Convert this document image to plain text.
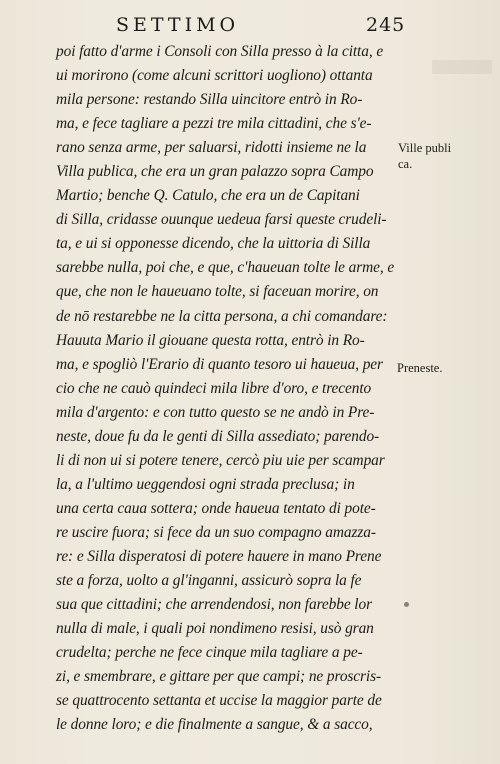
SETTIMO	245
poi fatto d'arme i Consoli con Silla presso à la citta, e
ui morirono (come alcuni scrittori uogliono) ottanta
mila persone: restando Silla uincitore entrò in Ro-
ma, e fece tagliare a pezzi tre mila cittadini, che s'e-
rano senza arme, per saluarsi, ridotti insieme ne la
Villa publica, che era un gran palazzo sopra Campo
Martio; benche Q. Catulo, che era un de Capitani
di Silla, cridasse ouunque uedeua farsi queste crudeli-
ta, e ui si opponesse dicendo, che la uittoria di Silla
sarebbe nulla, poi che, e que, c'haueuan tolte le arme, e
que, che non le haueuano tolte, si faceuan morire, on
de nō restarebbe ne la citta persona, a chi comandare:
Hauuta Mario il giouane questa rotta, entrò in Ro-
ma, e spogliò l'Erario di quanto tesoro ui haueua, per
cio che ne cauò quindeci mila libre d'oro, e trecento
mila d'argento: e con tutto questo se ne andò in Pre-
neste, doue fu da le genti di Silla assediato; parendo-
li di non ui si potere tenere, cercò piu uie per scampar
la, a l'ultimo ueggendosi ogni strada preclusa; in
una certa caua sottera; onde haueua tentato di pote-
re uscire fuora; si fece da un suo compagno amazza-
re: e Silla disperatosi di potere hauere in mano Prene
ste a forza, uolto a gl'inganni, assicurò sopra la fe
sua que cittadini; che arrendendosi, non farebbe lor
nulla di male, i quali poi nondimeno resisi, usò gran
crudelta; perche ne fece cinque mila tagliare a pe-
zi, e smembrare, e gittare per que campi; ne proscris-
se quattrocento settanta et uccise la maggior parte de
le donne loro; e die finalmente a sangue, & a sacco,
Ville publi
ca.
Preneste.
